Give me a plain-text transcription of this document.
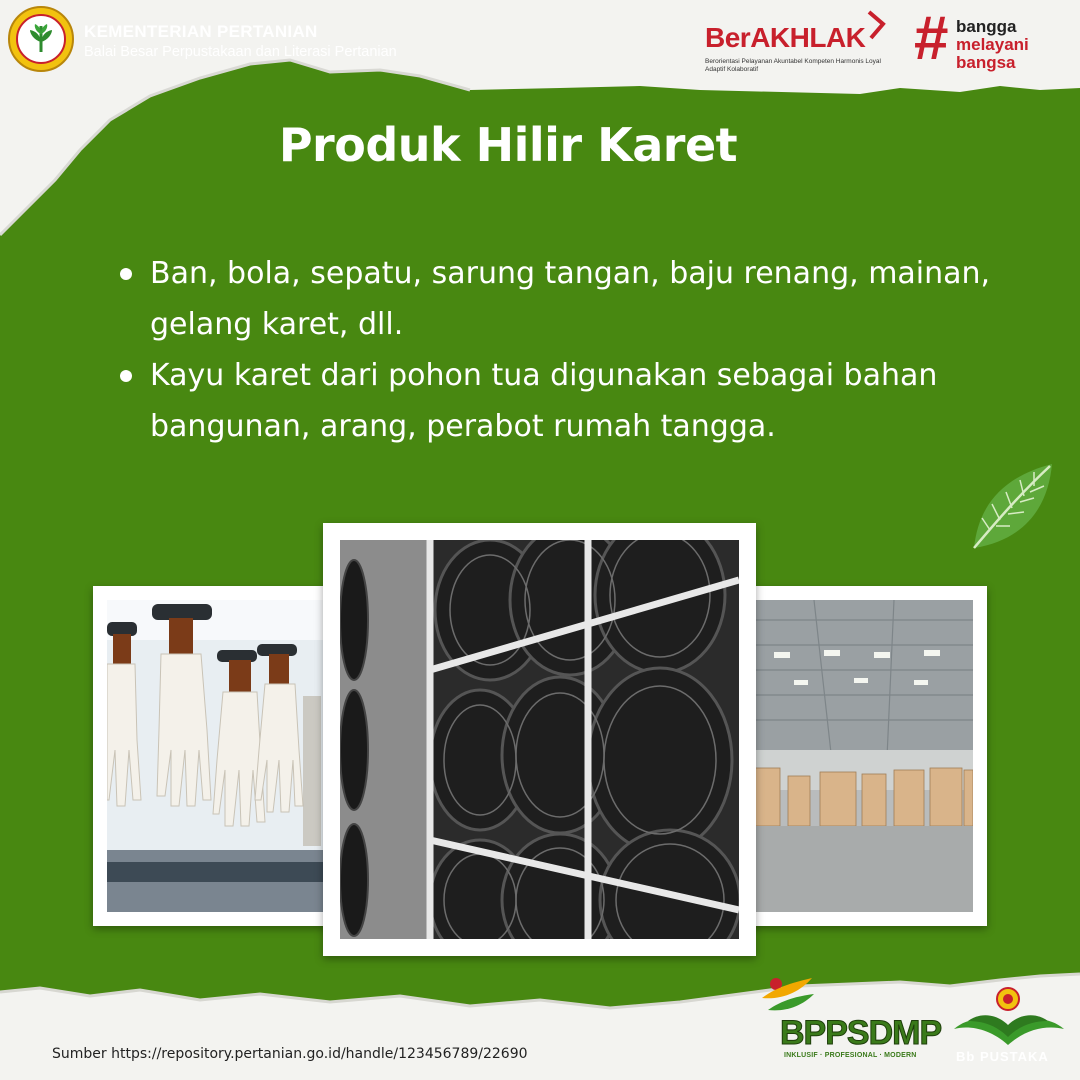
KEMENTERIAN PERTANIAN
Balai Besar Perpustakaan dan Literasi Pertanian	BerAKHLAK
Berorientasi Pelayanan Akuntabel Kompeten Harmonis Loyal Adaptif Kolaboratif	# bangga
melayani
bangsa
Produk Hilir Karet
Ban, bola, sepatu, sarung tangan, baju renang, mainan, gelang karet, dll.
Kayu karet dari pohon tua digunakan sebagai bahan bangunan, arang, perabot rumah tangga.
Sumber https://repository.pertanian.go.id/handle/123456789/22690
BPPSDMP
INKLUSIF · PROFESIONAL · MODERN	Bb PUSTAKA
